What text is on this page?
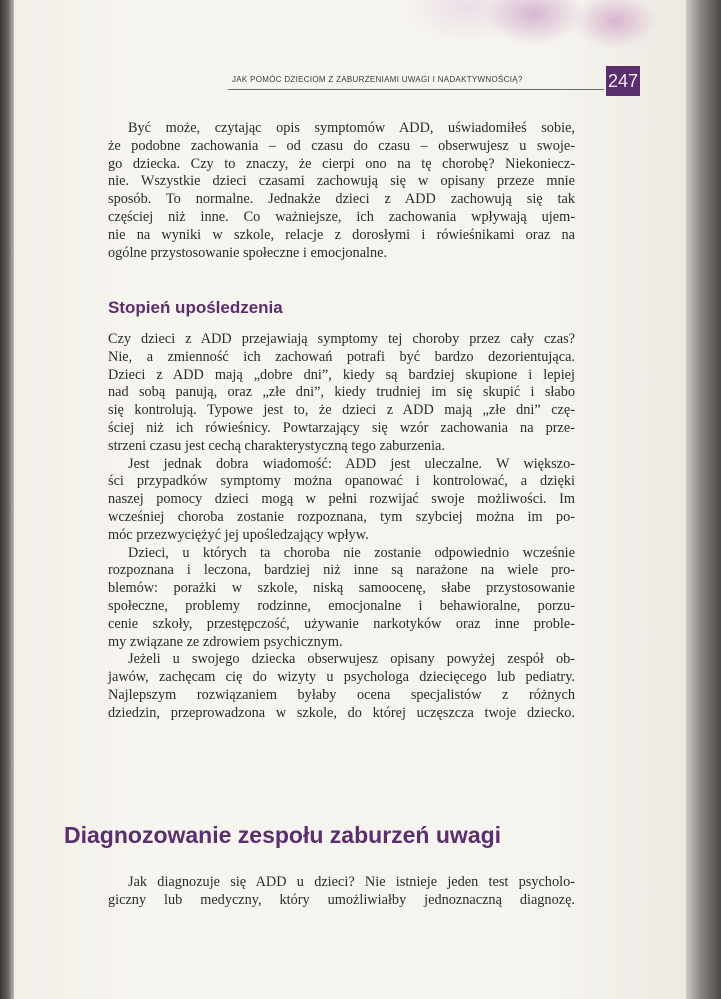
JAK POMÓC DZIECIOM Z ZABURZENIAMI UWAGI I NADAKTYWNOŚCIĄ?	247
Być może, czytając opis symptomów ADD, uświadomiłeś sobie,
że podobne zachowania – od czasu do czasu – obserwujesz u swoje-
go dziecka. Czy to znaczy, że cierpi ono na tę chorobę? Niekoniecz-
nie. Wszystkie dzieci czasami zachowują się w opisany przeze mnie
sposób. To normalne. Jednakże dzieci z ADD zachowują się tak
częściej niż inne. Co ważniejsze, ich zachowania wpływają ujem-
nie na wyniki w szkole, relacje z dorosłymi i rówieśnikami oraz na
ogólne przystosowanie społeczne i emocjonalne.
Stopień upośledzenia
Czy dzieci z ADD przejawiają symptomy tej choroby przez cały czas?
Nie, a zmienność ich zachowań potrafi być bardzo dezorientująca.
Dzieci z ADD mają „dobre dni”, kiedy są bardziej skupione i lepiej
nad sobą panują, oraz „złe dni”, kiedy trudniej im się skupić i słabo
się kontrolują. Typowe jest to, że dzieci z ADD mają „złe dni” czę-
ściej niż ich rówieśnicy. Powtarzający się wzór zachowania na prze-
strzeni czasu jest cechą charakterystyczną tego zaburzenia.
Jest jednak dobra wiadomość: ADD jest uleczalne. W większo-
ści przypadków symptomy można opanować i kontrolować, a dzięki
naszej pomocy dzieci mogą w pełni rozwijać swoje możliwości. Im
wcześniej choroba zostanie rozpoznana, tym szybciej można im po-
móc przezwyciężyć jej upośledzający wpływ.
Dzieci, u których ta choroba nie zostanie odpowiednio wcześnie
rozpoznana i leczona, bardziej niż inne są narażone na wiele pro-
blemów: porażki w szkole, niską samoocenę, słabe przystosowanie
społeczne, problemy rodzinne, emocjonalne i behawioralne, porzu-
cenie szkoły, przestępczość, używanie narkotyków oraz inne proble-
my związane ze zdrowiem psychicznym.
Jeżeli u swojego dziecka obserwujesz opisany powyżej zespół ob-
jawów, zachęcam cię do wizyty u psychologa dziecięcego lub pediatry.
Najlepszym rozwiązaniem byłaby ocena specjalistów z różnych
dziedzin, przeprowadzona w szkole, do której uczęszcza twoje dziecko.
Diagnozowanie zespołu zaburzeń uwagi
Jak diagnozuje się ADD u dzieci? Nie istnieje jeden test psycholo-
giczny lub medyczny, który umożliwiałby jednoznaczną diagnozę.
